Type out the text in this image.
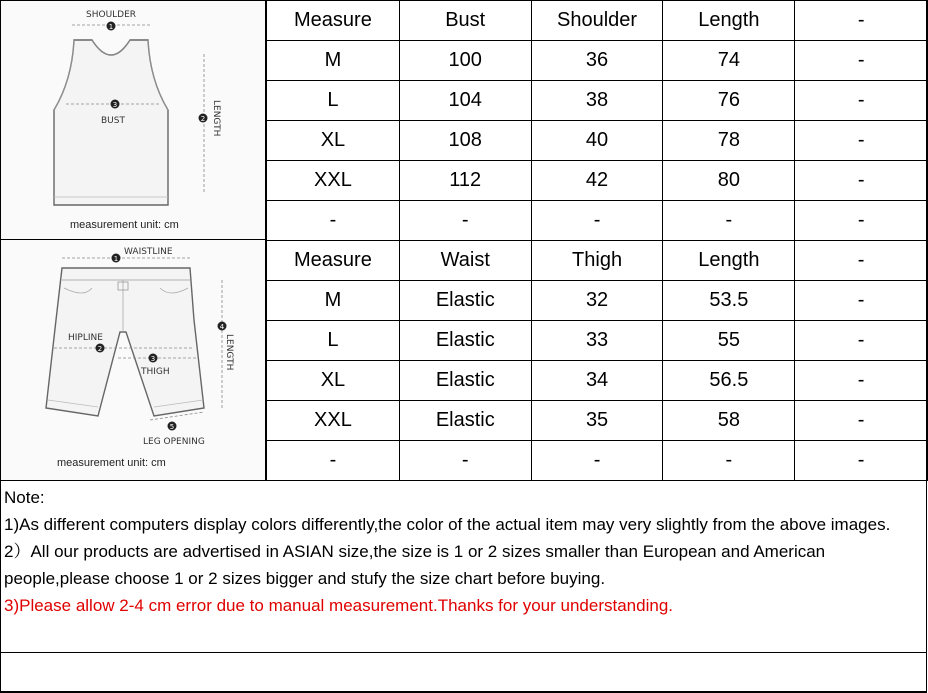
SHOULDER
1
3
BUST	2 LENGTH
measurement unit: cm
WAISTLINE
1
HIPLINE
2
3
THIGH
4
LENGTH
5
LEG OPENING
measurement unit: cm
Measure	Bust	Shoulder	Length	-
M	100	36	74	-
L	104	38	76	-
XL	108	40	78	-
XXL	112	42	80	-
-	-	-	-	-
Measure	Waist	Thigh	Length	-
M	Elastic	32	53.5	-
L	Elastic	33	55	-
XL	Elastic	34	56.5	-
XXL	Elastic	35	58	-
-	-	-	-	-

Note:

1)As different computers display colors differently,the color of the actual item may very slightly from the above images.

2）All our products are advertised in ASIAN size,the size is 1 or 2 sizes smaller than European and American people,please choose 1 or 2 sizes bigger and stufy the size chart before buying.

3)Please allow 2-4 cm error due to manual measurement.Thanks for your understanding.
